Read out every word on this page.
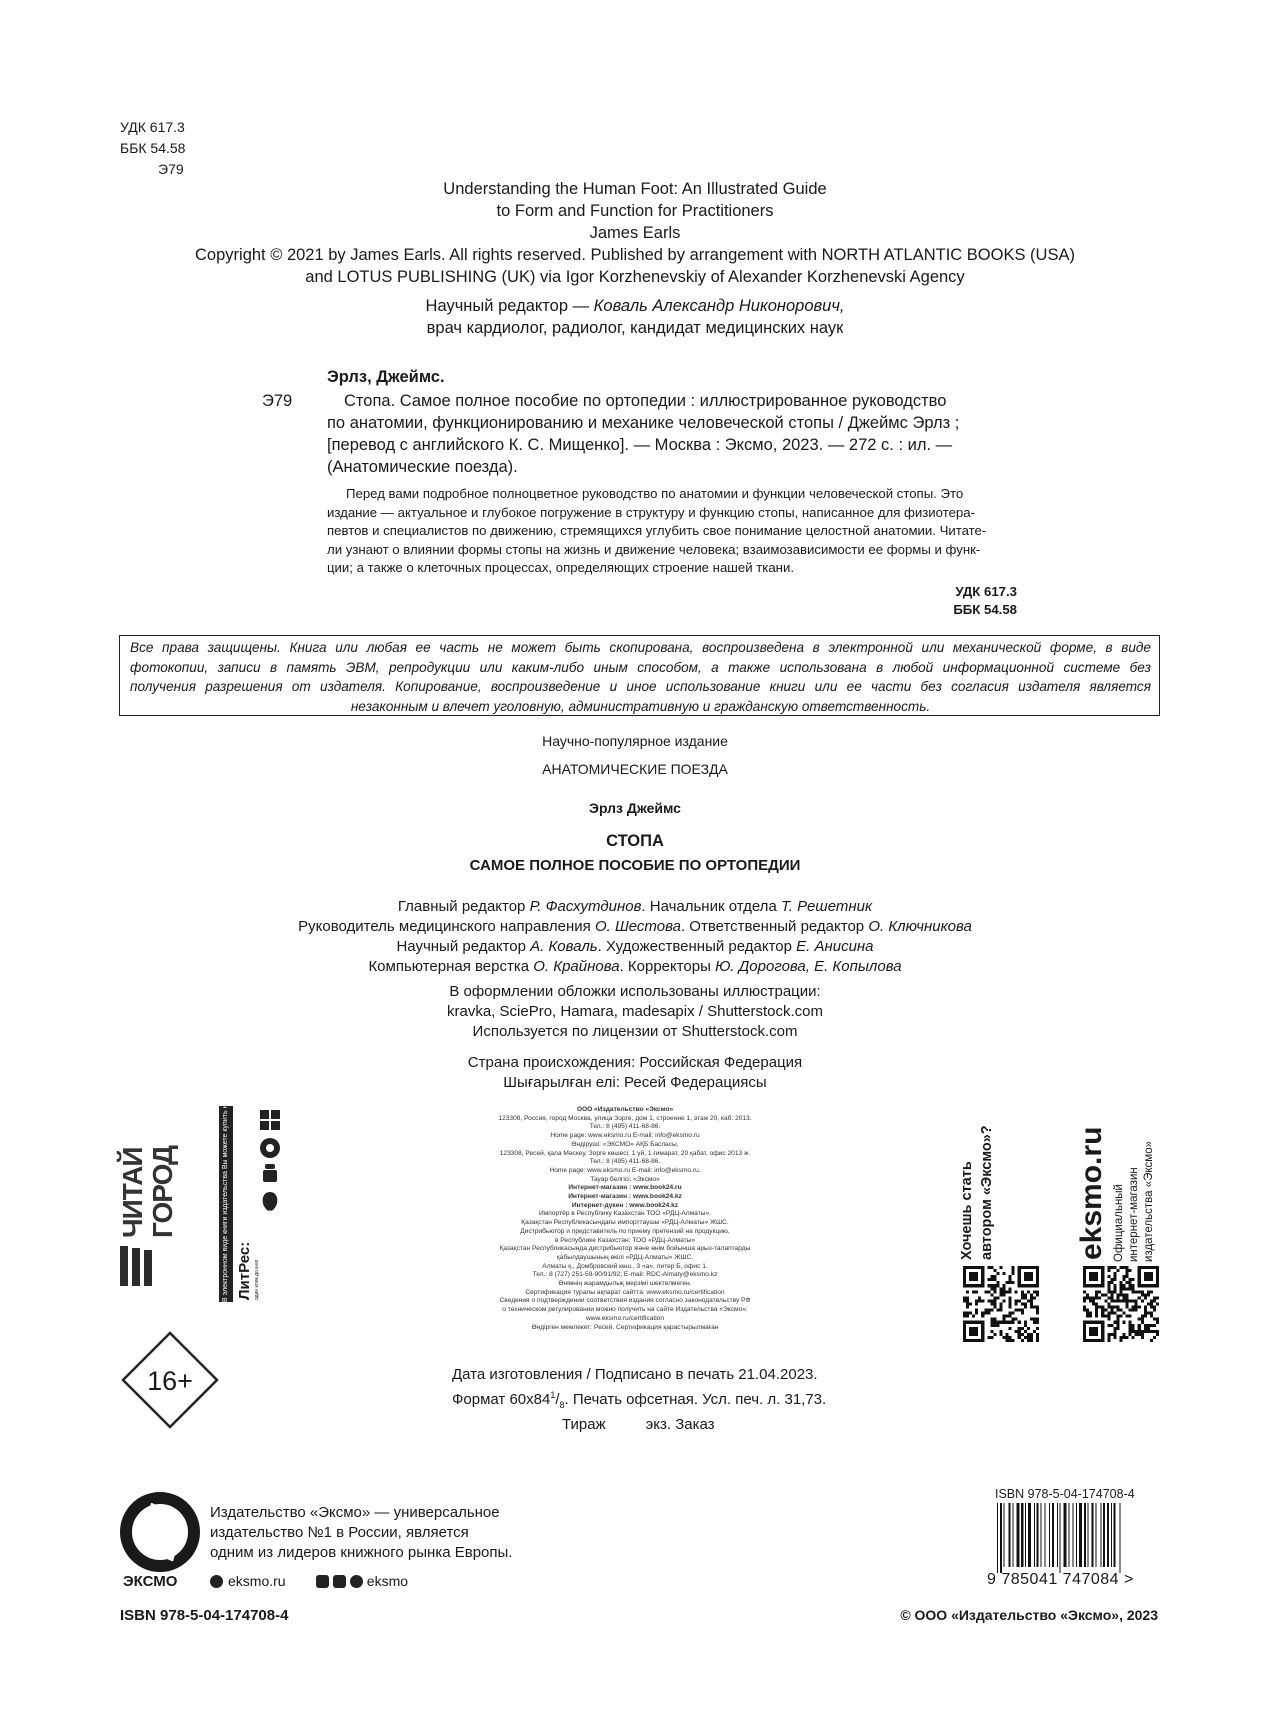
УДК 617.3
ББК 54.58
Э79
Understanding the Human Foot: An Illustrated Guide
to Form and Function for Practitioners
James Earls
Copyright © 2021 by James Earls. All rights reserved. Published by arrangement with NORTH ATLANTIC BOOKS (USA)
and LOTUS PUBLISHING (UK) via Igor Korzhenevskiy of Alexander Korzhenevski Agency
Научный редактор — Коваль Александр Никонорович,
врач кардиолог, радиолог, кандидат медицинских наук
Эрлз, Джеймс.
Э79	Стопа. Самое полное пособие по ортопедии : иллюстрированное руководство
по анатомии, функционированию и механике человеческой стопы / Джеймс Эрлз ;
[перевод с английского К. С. Мищенко]. — Москва : Эксмо, 2023. — 272 с. : ил. —
(Анатомические поезда).
Перед вами подробное полноцветное руководство по анатомии и функции человеческой стопы. Это
издание — актуальное и глубокое погружение в структуру и функцию стопы, написанное для физиотера-
певтов и специалистов по движению, стремящихся углубить свое понимание целостной анатомии. Читате-
ли узнают о влиянии формы стопы на жизнь и движение человека; взаимозависимости ее формы и функ-
ции; а также о клеточных процессах, определяющих строение нашей ткани.
УДК 617.3
ББК 54.58
Все права защищены. Книга или любая ее часть не может быть скопирована, воспроизведена в электронной или механической форме, в виде
фотокопии, записи в память ЭВМ, репродукции или каким-либо иным способом, а также использована в любой информационной системе без
получения разрешения от издателя. Копирование, воспроизведение и иное использование книги или ее части без согласия издателя является
незаконным и влечет уголовную, административную и гражданскую ответственность.
Научно-популярное издание
АНАТОМИЧЕСКИЕ ПОЕЗДА
Эрлз Джеймс
СТОПА
САМОЕ ПОЛНОЕ ПОСОБИЕ ПО ОРТОПЕДИИ
Главный редактор Р. Фасхутдинов. Начальник отдела Т. Решетник
Руководитель медицинского направления О. Шестова. Ответственный редактор О. Ключникова
Научный редактор А. Коваль. Художественный редактор Е. Анисина
Компьютерная верстка О. Крайнова. Корректоры Ю. Дорогова, Е. Копылова
В оформлении обложки использованы иллюстрации:
kravka, SciePro, Hamara, madesapix / Shutterstock.com
Используется по лицензии от Shutterstock.com
Страна происхождения: Российская Федерация
Шығарылған елі: Ресей Федерациясы
ООО «Издательство «Эксмо»
123308, Россия, город Москва, улица Зорге, дом 1, строение 1, этаж 20, каб. 2013.
Тел.: 8 (495) 411-68-86.
Home page: www.eksmo.ru E-mail: info@eksmo.ru
Өндіруші: «ЭКСМО» АҚБ Баспасы,
123308, Ресей, қала Мәскеу, Зорге көшесі, 1 үй, 1 ғимарат, 20 қабат, офис 2013 ж.
Тел.: 8 (495) 411-68-86.
Home page: www.eksmo.ru E-mail: info@eksmo.ru.
Тауар белгісі: «Эксмо»
Интернет-магазин : www.book24.ru
Интернет-магазин : www.book24.kz
Интернет-дүкен : www.book24.kz
Импортёр в Республику Казахстан ТОО «РДЦ-Алматы».
Қазақстан Республикасындағы импорттаушы «РДЦ-Алматы» ЖШС.
Дистрибьютор и представитель по приему претензий на продукцию,
в Республике Казахстан: ТОО «РДЦ-Алматы»
Қазақстан Республикасында дистрибьютор және өнім бойынша арыз-талаптарды
қабылдаушының өкілі «РДЦ-Алматы» ЖШС,
Алматы қ., Домбровский көш., 3 «а», литер Б, офис 1.
Тел.: 8 (727) 251-59-90/91/92; E-mail: RDC-Almaty@eksmo.kz
Өнімнің жарамдылық мерзімі шектелмеген.
Сертификация туралы ақпарат сайтта: www.eksmo.ru/certification
Сведения о подтверждении соответствия издания согласно законодательству РФ
о техническом регулировании можно получить на сайте Издательства «Эксмо»:
www.eksmo.ru/certification
Өндірген мемлекет: Ресей. Сертификация қарастырылмаған
Дата изготовления / Подписано в печать 21.04.2023.
Формат $60x84^1/_8$. Печать офсетная. Усл. печ. л. 31,73.
Тираж	экз. Заказ
ЧИТАЙ ГОРОД	В электронном виде книги издательства Вы можете купить на www.litres.ru
ЛитРес: один клик до книг
16+
Хочешь стать автором «Эксмо»?	eksmo.ru Официальный интернет-магазин издательства «Эксмо»
ЭКСМО
Издательство «Эксмо» — универсальное
издательство №1 в России, является
одним из лидеров книжного рынка Европы.
eksmo.ru	eksmo
ISBN 978-5-04-174708-4	© ООО «Издательство «Эксмо», 2023
ISBN 978-5-04-174708-4
9 785041 747084 >
